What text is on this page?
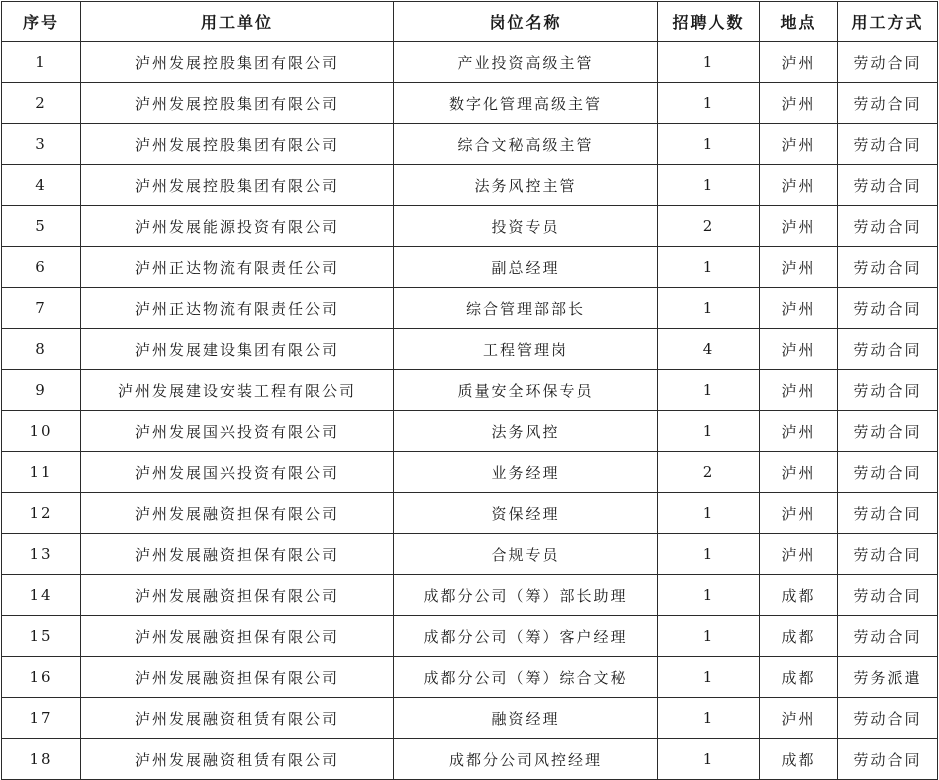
序号	用工单位	岗位名称	招聘人数	地点	用工方式
1	泸州发展控股集团有限公司	产业投资高级主管	1	泸州	劳动合同
2	泸州发展控股集团有限公司	数字化管理高级主管	1	泸州	劳动合同
3	泸州发展控股集团有限公司	综合文秘高级主管	1	泸州	劳动合同
4	泸州发展控股集团有限公司	法务风控主管	1	泸州	劳动合同
5	泸州发展能源投资有限公司	投资专员	2	泸州	劳动合同
6	泸州正达物流有限责任公司	副总经理	1	泸州	劳动合同
7	泸州正达物流有限责任公司	综合管理部部长	1	泸州	劳动合同
8	泸州发展建设集团有限公司	工程管理岗	4	泸州	劳动合同
9	泸州发展建设安装工程有限公司	质量安全环保专员	1	泸州	劳动合同
10	泸州发展国兴投资有限公司	法务风控	1	泸州	劳动合同
11	泸州发展国兴投资有限公司	业务经理	2	泸州	劳动合同
12	泸州发展融资担保有限公司	资保经理	1	泸州	劳动合同
13	泸州发展融资担保有限公司	合规专员	1	泸州	劳动合同
14	泸州发展融资担保有限公司	成都分公司（筹）部长助理	1	成都	劳动合同
15	泸州发展融资担保有限公司	成都分公司（筹）客户经理	1	成都	劳动合同
16	泸州发展融资担保有限公司	成都分公司（筹）综合文秘	1	成都	劳务派遣
17	泸州发展融资租赁有限公司	融资经理	1	泸州	劳动合同
18	泸州发展融资租赁有限公司	成都分公司风控经理	1	成都	劳动合同
